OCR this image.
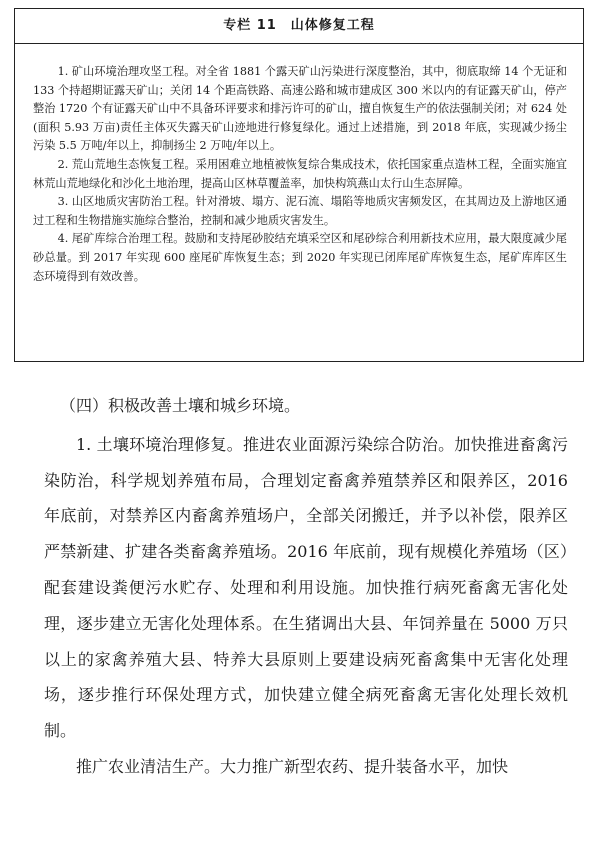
专栏 11　山体修复工程

1. 矿山环境治理攻坚工程。对全省 1881 个露天矿山污染进行深度整治，其中，彻底取缔 14 个无证和 133 个持超期证露天矿山；关闭 14 个距高铁路、高速公路和城市建成区 300 米以内的有证露天矿山，停产整治 1720 个有证露天矿山中不具备环评要求和排污许可的矿山，擅自恢复生产的依法强制关闭；对 624 处(面积 5.93 万亩)责任主体灭失露天矿山迹地进行修复绿化。通过上述措施，到 2018 年底，实现减少扬尘污染 5.5 万吨/年以上，抑制扬尘 2 万吨/年以上。

2. 荒山荒地生态恢复工程。采用困难立地植被恢复综合集成技术，依托国家重点造林工程，全面实施宜林荒山荒地绿化和沙化土地治理，提高山区林草覆盖率，加快构筑燕山太行山生态屏障。

3. 山区地质灾害防治工程。针对滑坡、塌方、泥石流、塌陷等地质灾害频发区，在其周边及上游地区通过工程和生物措施实施综合整治，控制和减少地质灾害发生。

4. 尾矿库综合治理工程。鼓励和支持尾砂胶结充填采空区和尾砂综合利用新技术应用，最大限度减少尾砂总量。到 2017 年实现 600 座尾矿库恢复生态；到 2020 年实现已闭库尾矿库恢复生态，尾矿库库区生态环境得到有效改善。

（四）积极改善土壤和城乡环境。

1. 土壤环境治理修复。推进农业面源污染综合防治。加快推进畜禽污染防治，科学规划养殖布局，合理划定畜禽养殖禁养区和限养区，2016 年底前，对禁养区内畜禽养殖场户，全部关闭搬迁，并予以补偿，限养区严禁新建、扩建各类畜禽养殖场。2016 年底前，现有规模化养殖场（区）配套建设粪便污水贮存、处理和利用设施。加快推行病死畜禽无害化处理，逐步建立无害化处理体系。在生猪调出大县、年饲养量在 5000 万只以上的家禽养殖大县、特养大县原则上要建设病死畜禽集中无害化处理场，逐步推行环保处理方式，加快建立健全病死畜禽无害化处理长效机制。

推广农业清洁生产。大力推广新型农药、提升装备水平，加快
